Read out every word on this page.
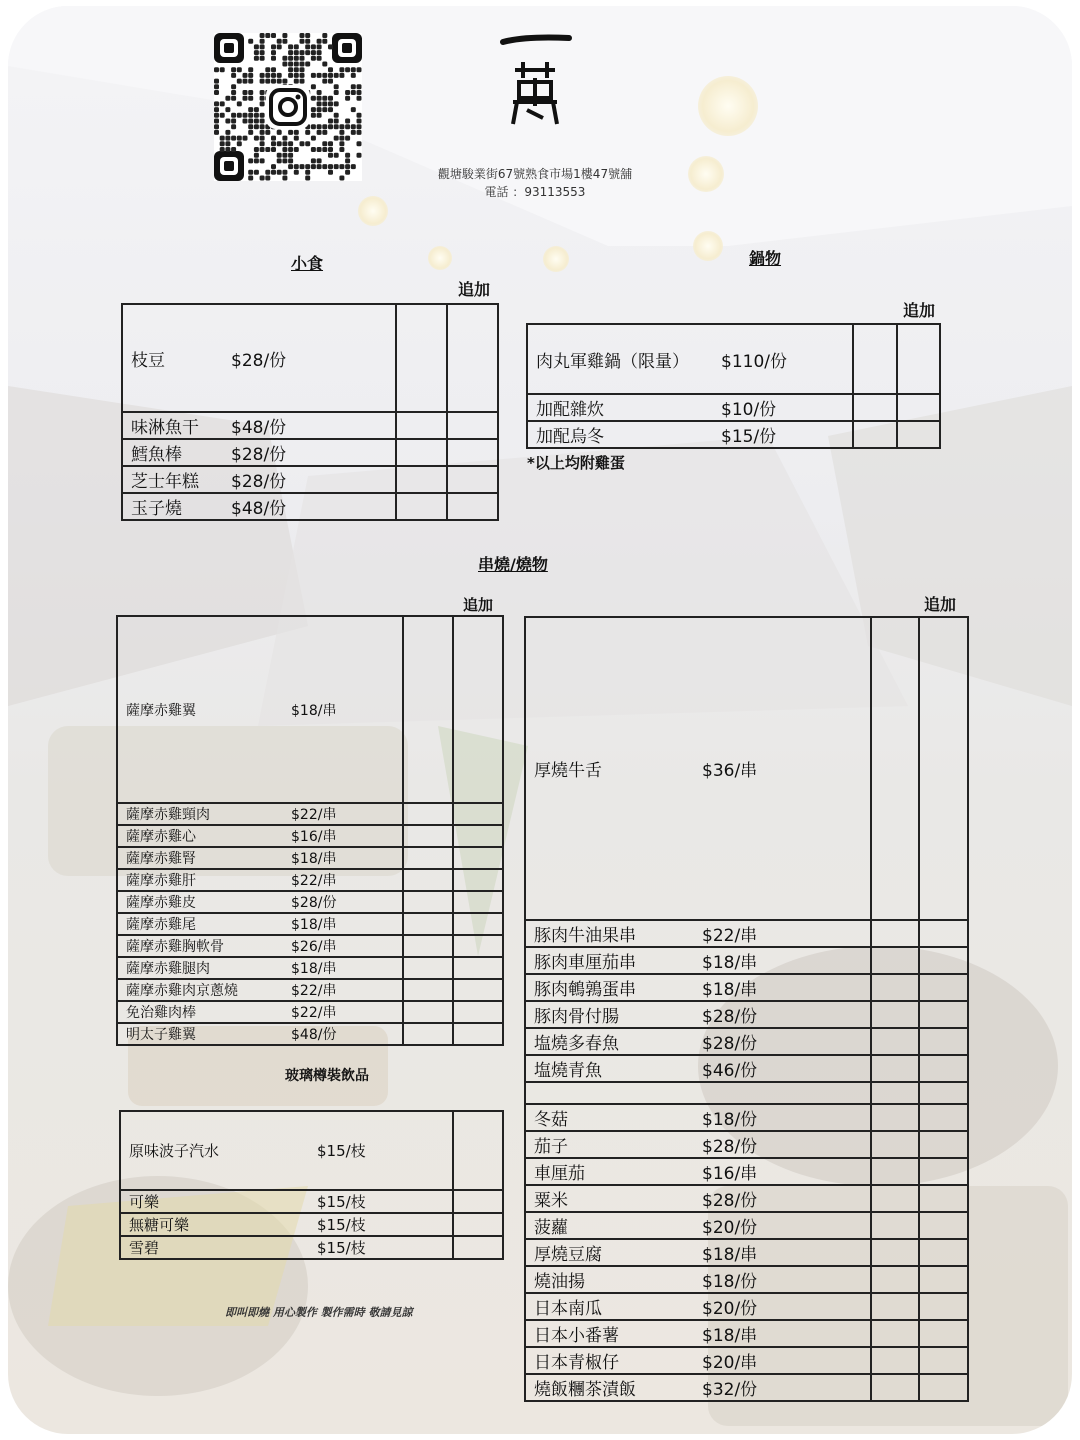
觀塘駿業街67號熟食市場1樓47號舖
電話 ：93113553
小食
追加
枝豆 $28/份		
味淋魚干 $48/份		
鱈魚棒 $28/份		
芝士年糕 $28/份		
玉子燒 $48/份		
鍋物
追加
肉丸軍雞鍋（限量） $110/份		
加配雜炊 $10/份		
加配烏冬 $15/份		
*以上均附雞蛋
串燒/燒物
追加	追加
薩摩赤雞翼 $18/串		
薩摩赤雞頸肉 $22/串		
薩摩赤雞心 $16/串		
薩摩赤雞腎 $18/串		
薩摩赤雞肝 $22/串		
薩摩赤雞皮 $28/份		
薩摩赤雞尾 $18/串		
薩摩赤雞胸軟骨 $26/串		
薩摩赤雞腿肉 $18/串		
薩摩赤雞肉京蔥燒 $22/串		
免治雞肉棒 $22/串		
明太子雞翼 $48/份		
厚燒牛舌 $36/串		
豚肉牛油果串 $22/串		
豚肉車厘茄串 $18/串		
豚肉鵪鶉蛋串 $18/串		
豚肉骨付腸 $28/份		
塩燒多春魚 $28/份		
塩燒青魚 $46/份		

冬菇 $18/份		
茄子 $28/份		
車厘茄 $16/串		
粟米 $28/份		
菠蘿 $20/份		
厚燒豆腐 $18/串		
燒油揚 $18/份		
日本南瓜 $20/份		
日本小番薯 $18/串		
日本青椒仔 $20/串		
燒飯糰茶漬飯 $32/份		
玻璃樽裝飲品
原味波子汽水 $15/枝	
可樂 $15/枝	
無糖可樂 $15/枝	
雪碧 $15/枝	
即叫即燒 用心製作 製作需時 敬請見諒
